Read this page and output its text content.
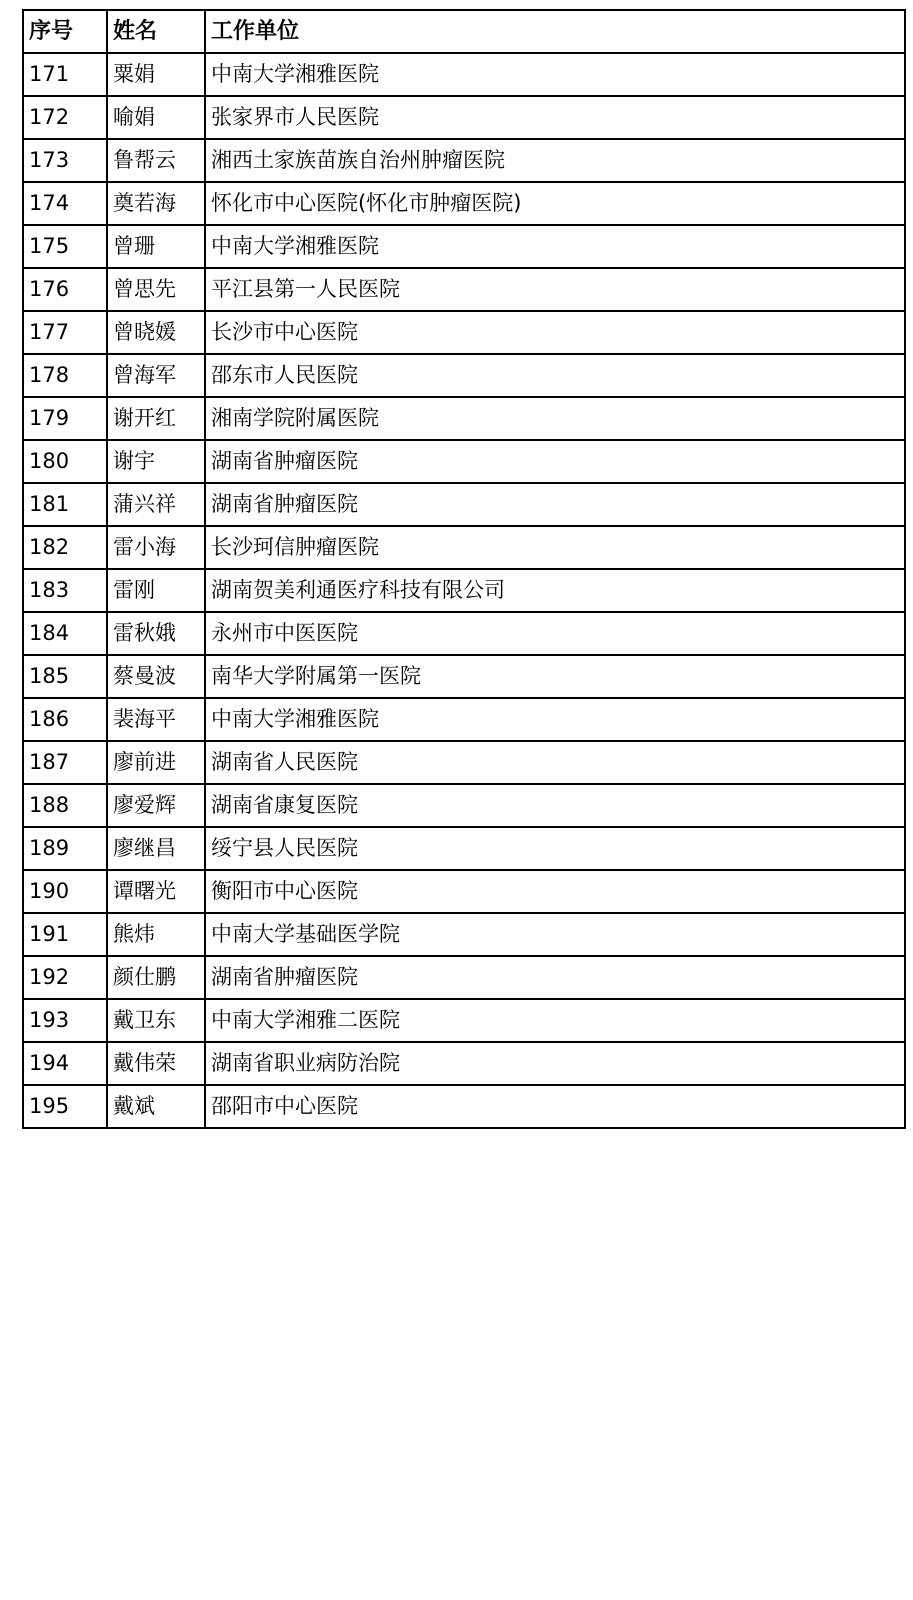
序号	姓名	工作单位
171	粟娟	中南大学湘雅医院
172	喻娟	张家界市人民医院
173	鲁帮云	湘西土家族苗族自治州肿瘤医院
174	奠若海	怀化市中心医院(怀化市肿瘤医院)
175	曾珊	中南大学湘雅医院
176	曾思先	平江县第一人民医院
177	曾晓媛	长沙市中心医院
178	曾海军	邵东市人民医院
179	谢开红	湘南学院附属医院
180	谢宇	湖南省肿瘤医院
181	蒲兴祥	湖南省肿瘤医院
182	雷小海	长沙珂信肿瘤医院
183	雷刚	湖南贺美利通医疗科技有限公司
184	雷秋娥	永州市中医医院
185	蔡曼波	南华大学附属第一医院
186	裴海平	中南大学湘雅医院
187	廖前进	湖南省人民医院
188	廖爱辉	湖南省康复医院
189	廖继昌	绥宁县人民医院
190	谭曙光	衡阳市中心医院
191	熊炜	中南大学基础医学院
192	颜仕鹏	湖南省肿瘤医院
193	戴卫东	中南大学湘雅二医院
194	戴伟荣	湖南省职业病防治院
195	戴斌	邵阳市中心医院
